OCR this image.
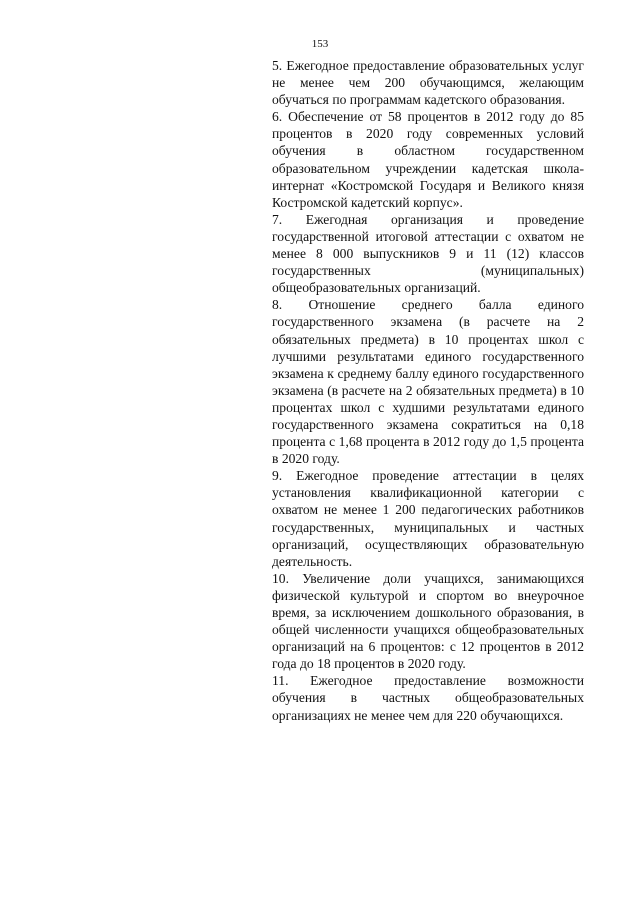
153

5. Ежегодное предоставление образовательных услуг не менее чем 200 обучающимся, желающим обучаться по программам кадетского образования.

6. Обеспечение от 58 процентов в 2012 году до 85 процентов в 2020 году современных условий обучения в областном государственном образовательном учреждении кадетская школа-интернат «Костромской Государя и Великого князя Костромской кадетский корпус».

7. Ежегодная организация и проведение государственной итоговой аттестации с охватом не менее 8 000 выпускников 9 и 11 (12) классов государственных (муниципальных) общеобразовательных организаций.

8. Отношение среднего балла единого государственного экзамена (в расчете на 2 обязательных предмета) в 10 процентах школ с лучшими результатами единого государственного экзамена к среднему баллу единого государственного экзамена (в расчете на 2 обязательных предмета) в 10 процентах школ с худшими результатами единого государственного экзамена сократиться на 0,18 процента с 1,68 процента в 2012 году до 1,5 процента в 2020 году.

9. Ежегодное проведение аттестации в целях установления квалификационной категории с охватом не менее 1 200 педагогических работников государственных, муниципальных и частных организаций, осуществляющих образовательную деятельность.

10. Увеличение доли учащихся, занимающихся физической культурой и спортом во внеурочное время, за исключением дошкольного образования, в общей численности учащихся общеобразовательных организаций на 6 процентов: с 12 процентов в 2012 года до 18 процентов в 2020 году.

11. Ежегодное предоставление возможности обучения в частных общеобразовательных организациях не менее чем для 220 обучающихся.
